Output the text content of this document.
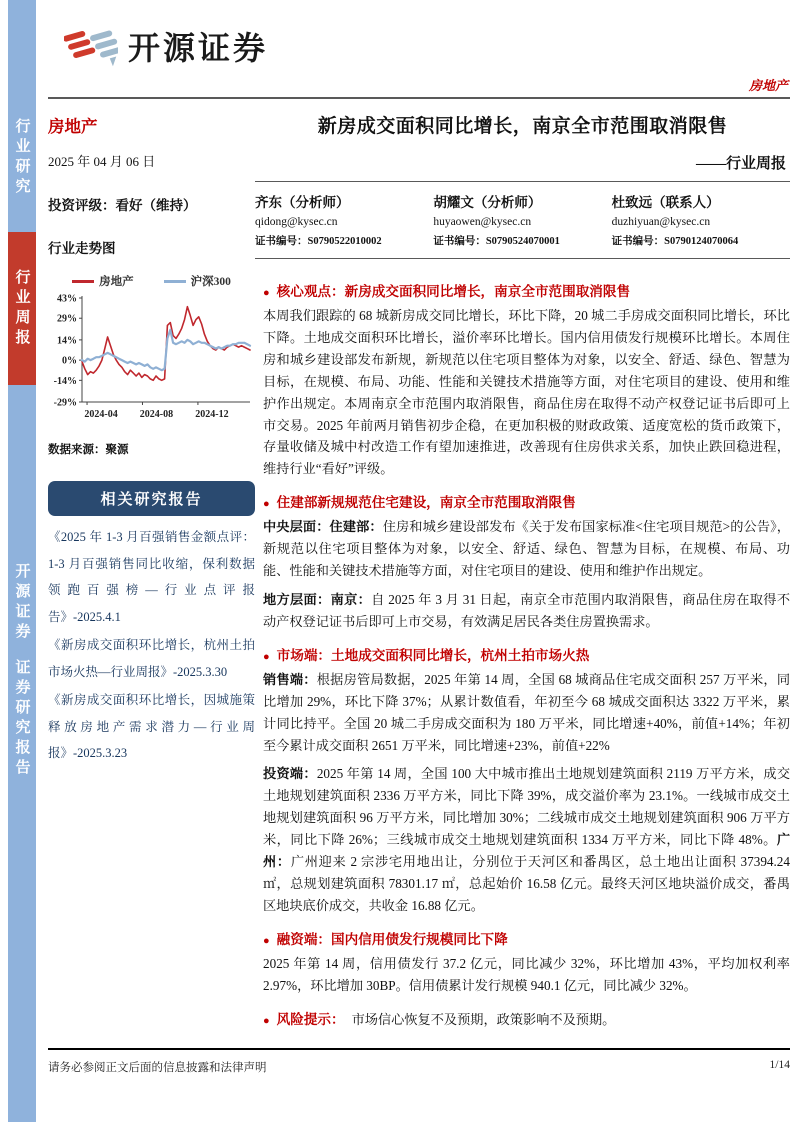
行业研究
行业周报
开源证券
证券研究报告
开源证券
房地产
房地产
2025 年 04 月 06 日
新房成交面积同比增长，南京全市范围取消限售
——行业周报
投资评级：看好（维持）
行业走势图
齐东（分析师）
qidong@kysec.cn
证书编号：S0790522010002
胡耀文（分析师）
huyaowen@kysec.cn
证书编号：S0790524070001
杜致远（联系人）
duzhiyuan@kysec.cn
证书编号：S0790124070064
房地产	沪深300
43%
29%
14%
0%
-14%
-29%
2024-04 2024-08 2024-12
数据来源：聚源
相关研究报告

《2025 年 1-3 月百强销售金额点评：1-3 月百强销售同比收缩，保利数据领跑百强榜—行业点评报告》-2025.4.1

《新房成交面积环比增长，杭州土拍市场火热—行业周报》-2025.3.30

《新房成交面积环比增长，因城施策释放房地产需求潜力—行业周报》-2025.3.23

● 核心观点：新房成交面积同比增长，南京全市范围取消限售

本周我们跟踪的 68 城新房成交同比增长，环比下降，20 城二手房成交面积同比增长，环比下降。土地成交面积环比增长，溢价率环比增长。国内信用债发行规模环比增长。本周住房和城乡建设部发布新规，新规范以住宅项目整体为对象，以安全、舒适、绿色、智慧为目标，在规模、布局、功能、性能和关键技术措施等方面，对住宅项目的建设、使用和维护作出规定。本周南京全市范围内取消限售，商品住房在取得不动产权登记证书后即可上市交易。2025 年前两月销售初步企稳，在更加积极的财政政策、适度宽松的货币政策下，存量收储及城中村改造工作有望加速推进，改善现有住房供求关系，加快止跌回稳进程，维持行业“看好”评级。

● 住建部新规规范住宅建设，南京全市范围取消限售

中央层面：住建部：住房和城乡建设部发布《关于发布国家标准<住宅项目规范>的公告》，新规范以住宅项目整体为对象，以安全、舒适、绿色、智慧为目标，在规模、布局、功能、性能和关键技术措施等方面，对住宅项目的建设、使用和维护作出规定。

地方层面：南京：自 2025 年 3 月 31 日起，南京全市范围内取消限售，商品住房在取得不动产权登记证书后即可上市交易，有效满足居民各类住房置换需求。

● 市场端：土地成交面积同比增长，杭州土拍市场火热

销售端：根据房管局数据，2025 年第 14 周，全国 68 城商品住宅成交面积 257 万平米，同比增加 29%，环比下降 37%；从累计数值看，年初至今 68 城成交面积达 3322 万平米，累计同比持平。全国 20 城二手房成交面积为 180 万平米，同比增速+40%，前值+14%；年初至今累计成交面积 2651 万平米，同比增速+23%，前值+22%

投资端：2025 年第 14 周，全国 100 大中城市推出土地规划建筑面积 2119 万平方米，成交土地规划建筑面积 2336 万平方米，同比下降 39%，成交溢价率为 23.1%。一线城市成交土地规划建筑面积 96 万平方米，同比增加 30%；二线城市成交土地规划建筑面积 906 万平方米，同比下降 26%；三线城市成交土地规划建筑面积 1334 万平方米，同比下降 48%。广州：广州迎来 2 宗涉宅用地出让，分别位于天河区和番禺区，总土地出让面积 37394.24 ㎡，总规划建筑面积 78301.17 ㎡，总起始价 16.58 亿元。最终天河区地块溢价成交，番禺区地块底价成交，共收金 16.88 亿元。

● 融资端：国内信用债发行规模同比下降

2025 年第 14 周，信用债发行 37.2 亿元，同比减少 32%，环比增加 43%，平均加权利率 2.97%，环比增加 30BP。信用债累计发行规模 940.1 亿元，同比减少 32%。

● 风险提示： 市场信心恢复不及预期，政策影响不及预期。
请务必参阅正文后面的信息披露和法律声明	1/14
